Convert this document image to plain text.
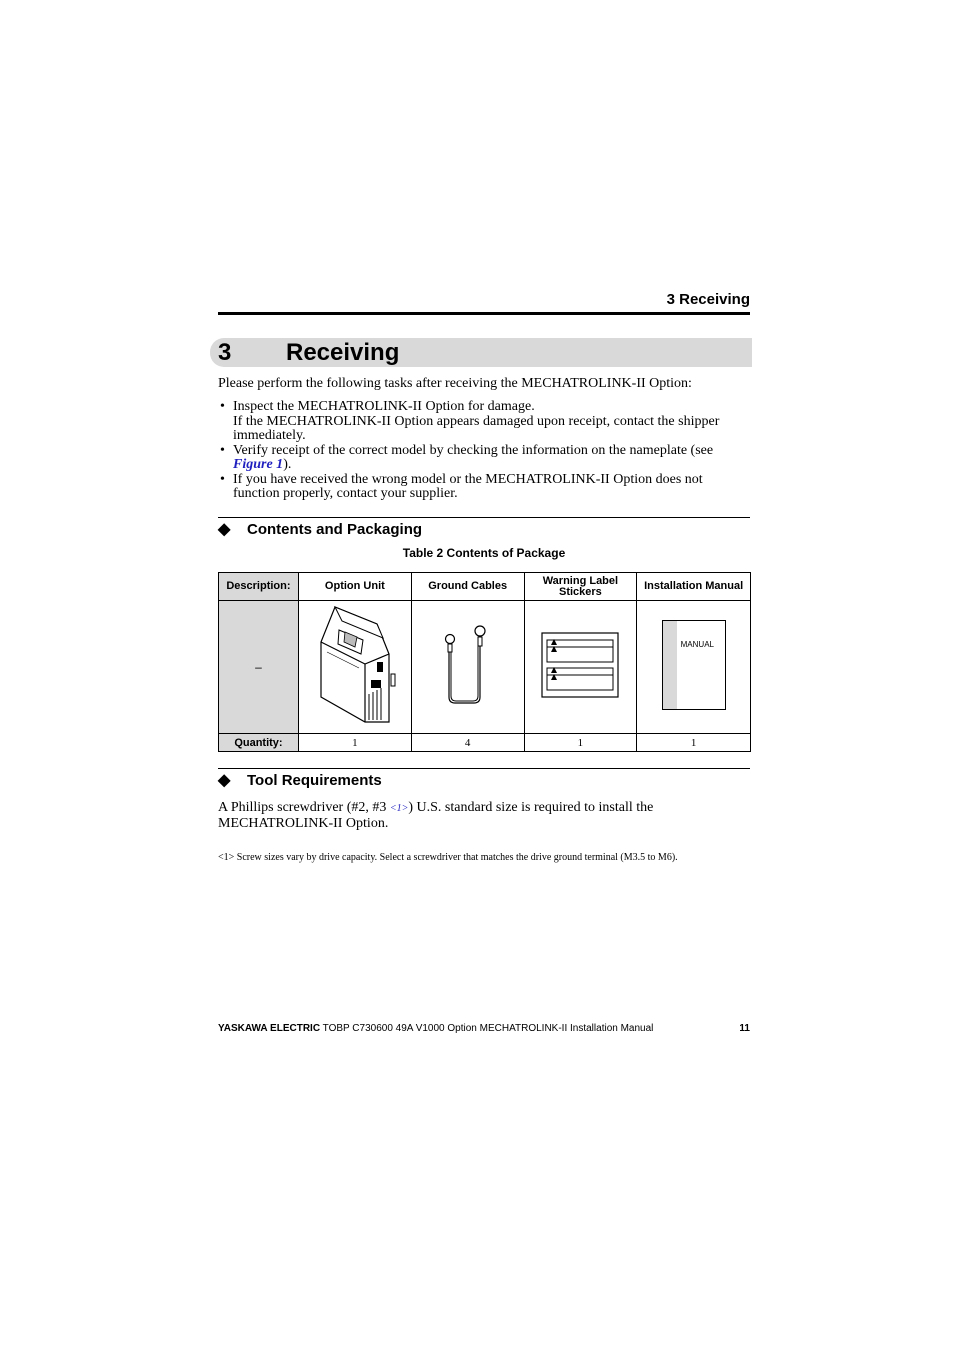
3 Receiving
3 Receiving
Please perform the following tasks after receiving the MECHATROLINK-II Option:
• Inspect the MECHATROLINK-II Option for damage.
If the MECHATROLINK-II Option appears damaged upon receipt, contact the shipper immediately.
• Verify receipt of the correct model by checking the information on the nameplate (see Figure 1).
• If you have received the wrong model or the MECHATROLINK-II Option does not function properly, contact your supplier.
◆ Contents and Packaging
Table 2 Contents of Package
Description:	Option Unit	Ground Cables	Warning Label Stickers	Installation Manual
–				MANUAL

Quantity:	1	4	1	1
◆ Tool Requirements
A Phillips screwdriver (#2, #3 <1>) U.S. standard size is required to install the MECHATROLINK-II Option.
<1> Screw sizes vary by drive capacity. Select a screwdriver that matches the drive ground terminal (M3.5 to M6).
YASKAWA ELECTRIC TOBP C730600 49A V1000 Option MECHATROLINK-II Installation Manual	11
